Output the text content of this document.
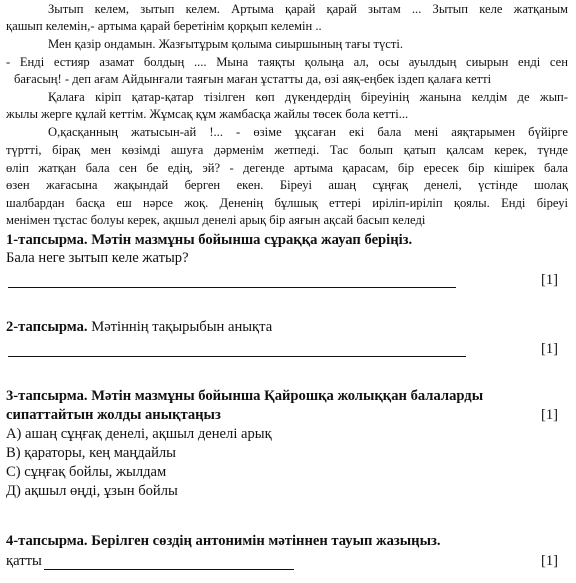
Зытып келем, зытып келем. Артыма қарай қарай зытам ... Зытып келе жатқаным
қашып келемін,- артыма қарай беретінім қорқып келемін ..
Мен қазір ондамын. Жазғытұрым қолыма сиыршының тағы түсті.
- Енді естияр азамат болдың .... Мына таяқты қолыңа ал, осы ауылдың сиырын енді сен
бағасың! - деп ағам Айдынғали таяғын маған ұстатты да, өзі аяқ-еңбек іздеп қалаға кетті
Қалаға кіріп қатар-қатар тізілген көп дүкендердің біреуінің жанына келдім де жып-
жылы жерге құлай кеттім. Жұмсақ құм жамбасқа жайлы төсек бола кетті...
О,қасқанның жатысын-ай !... - өзіме ұқсаған екі бала мені аяқтарымен бүйірге
түртті, бірақ мен көзімді ашуға дәрменім жетпеді. Тас болып қатып қалсам керек, түнде
өліп жатқан бала сен бе едің, эй? - дегенде артыма қарасам, бір ересек бір кішірек бала
өзен жағасына жақындай берген екен. Біреуі ашаң сұңғақ денелі, үстінде шолақ
шалбардан басқа еш нәрсе жоқ. Дененің бұлшық еттері иріліп-иріліп қоялы. Енді біреуі
менімен тұстас болуы керек, ақшыл денелі арық бір аяғын ақсай басып келеді
1-тапсырма. Мәтін мазмұны бойынша сұраққа жауап беріңіз.
Бала неге зытып келе жатыр?
[1]
2-тапсырма. Мәтіннің тақырыбын анықта
[1]
3-тапсырма. Мәтін мазмұны бойынша Қайрошқа жолыққан балаларды
сипаттайтын жолды анықтаңыз	[1]
А) ашаң сұңғақ денелі, ақшыл денелі арық
В) қараторы, кең маңдайлы
С) сұңғақ бойлы, жылдам
Д) ақшыл өңді, ұзын бойлы
4-тапсырма. Берілген сөздің антонимін мәтіннен тауып жазыңыз.
қатты	[1]
